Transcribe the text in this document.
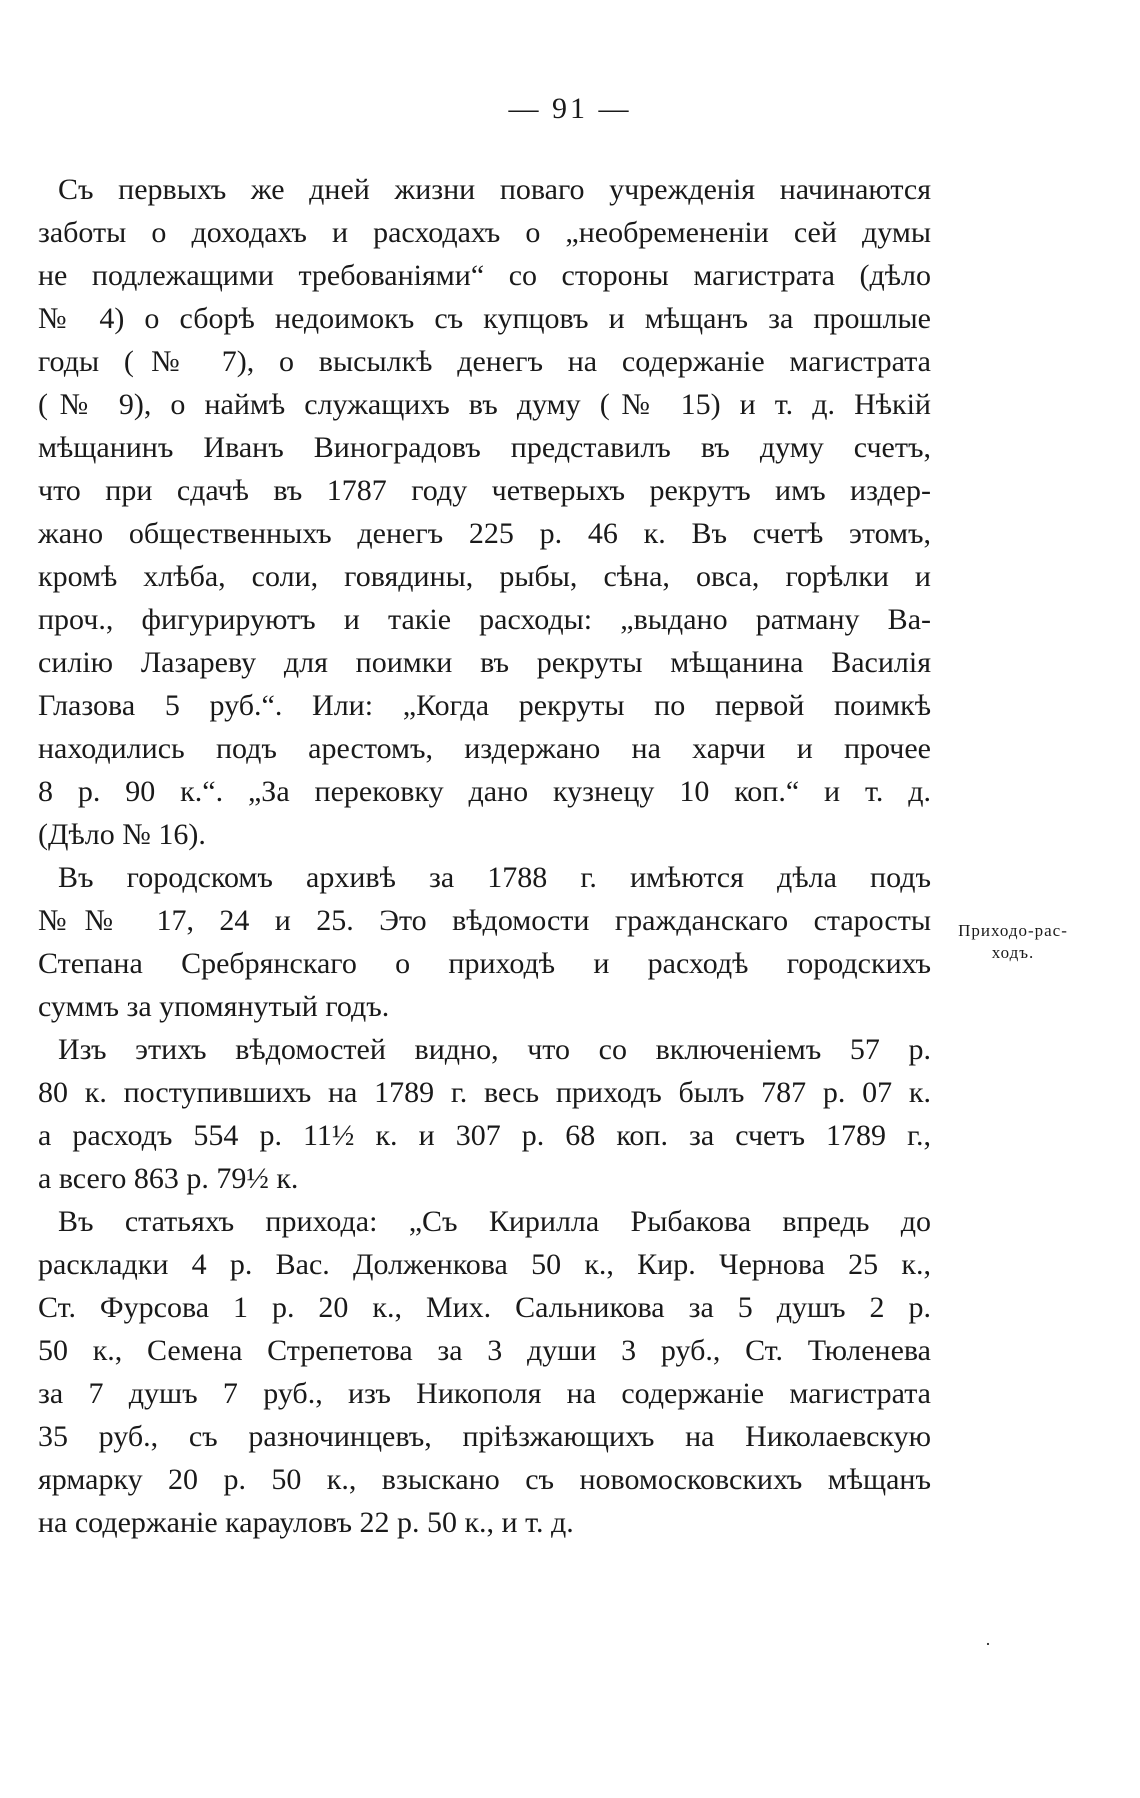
— 91 —

Съ первыхъ же дней жизни поваго учрежденія начинаются
заботы о доходахъ и расходахъ о „необремененіи сей думы
не подлежащими требованіями“ со стороны магистрата (дѣло
№ 4) о сборѣ недоимокъ съ купцовъ и мѣщанъ за прошлые
годы (№ 7), о высылкѣ денегъ на содержаніе магистрата
(№ 9), о наймѣ служащихъ въ думу (№ 15) и т. д. Нѣкій
мѣщанинъ Иванъ Виноградовъ представилъ въ думу счетъ,
что при сдачѣ въ 1787 году четверыхъ рекрутъ имъ издер-
жано общественныхъ денегъ 225 р. 46 к. Въ счетѣ этомъ,
кромѣ хлѣба, соли, говядины, рыбы, сѣна, овса, горѣлки и
проч., фигурируютъ и такіе расходы: „выдано ратману Ва-
силію Лазареву для поимки въ рекруты мѣщанина Василія
Глазова 5 руб.“. Или: „Когда рекруты по первой поимкѣ
находились подъ арестомъ, издержано на харчи и прочее
8 р. 90 к.“. „За перековку дано кузнецу 10 коп.“ и т. д.
(Дѣло № 16).

Въ городскомъ архивѣ за 1788 г. имѣются дѣла подъ
№№ 17, 24 и 25. Это вѣдомости гражданскаго старосты
Степана Сребрянскаго о приходѣ и расходѣ городскихъ
суммъ за упомянутый годъ.

Изъ этихъ вѣдомостей видно, что со включеніемъ 57 р.
80 к. поступившихъ на 1789 г. весь приходъ былъ 787 р. 07 к.
а расходъ 554 р. 11½ к. и 307 р. 68 коп. за счетъ 1789 г.,
а всего 863 р. 79½ к.

Въ статьяхъ прихода: „Съ Кирилла Рыбакова впредь до
раскладки 4 р. Вас. Долженкова 50 к., Кир. Чернова 25 к.,
Ст. Фурсова 1 р. 20 к., Мих. Сальникова за 5 душъ 2 р.
50 к., Семена Стрепетова за 3 души 3 руб., Ст. Тюленева
за 7 душъ 7 руб., изъ Никополя на содержаніе магистрата
35 руб., съ разночинцевъ, пріѣзжающихъ на Николаевскую
ярмарку 20 р. 50 к., взыскано съ новомосковскихъ мѣщанъ
на содержаніе карауловъ 22 р. 50 к., и т. д.

Приходо-рас-
ходъ.
·
